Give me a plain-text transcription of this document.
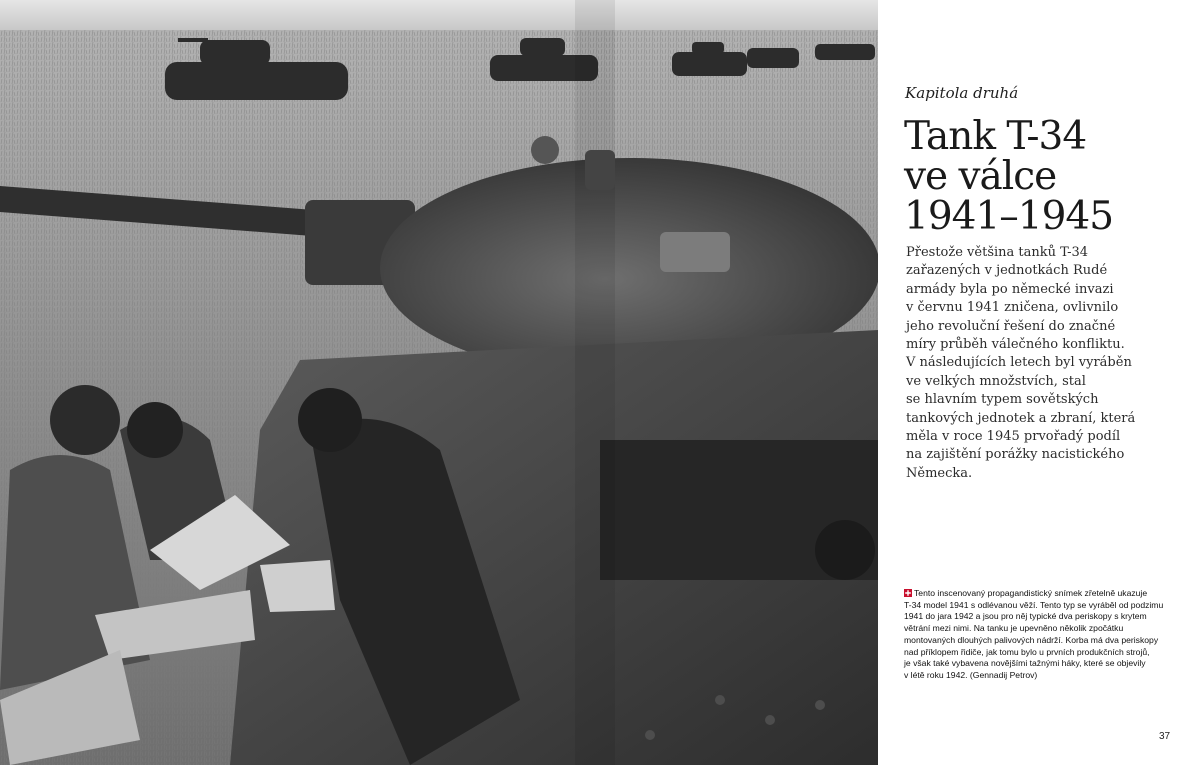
Kapitola druhá

Tank T-34
ve válce
1941–1945

Přestože většina tanků T-34
zařazených v jednotkách Rudé
armády byla po německé invazi
v červnu 1941 zničena, ovlivnilo
jeho revoluční řešení do značné
míry průběh válečného konfliktu.
V následujících letech byl vyráběn
ve velkých množstvích, stal
se hlavním typem sovětských
tankových jednotek a zbraní, která
měla v roce 1945 prvořadý podíl
na zajištění porážky nacistického
Německa.

Tento inscenovaný propagandistický snímek zřetelně ukazuje
T-34 model 1941 s odlévanou věží. Tento typ se vyráběl od podzimu
1941 do jara 1942 a jsou pro něj typické dva periskopy s krytem
větrání mezi nimi. Na tanku je upevněno několik zpočátku
montovaných dlouhých palivových nádrží. Korba má dva periskopy
nad příklopem řidiče, jak tomu bylo u prvních produkčních strojů,
je však také vybavena novějšími tažnými háky, které se objevily
v létě roku 1942. (Gennadij Petrov)

37
